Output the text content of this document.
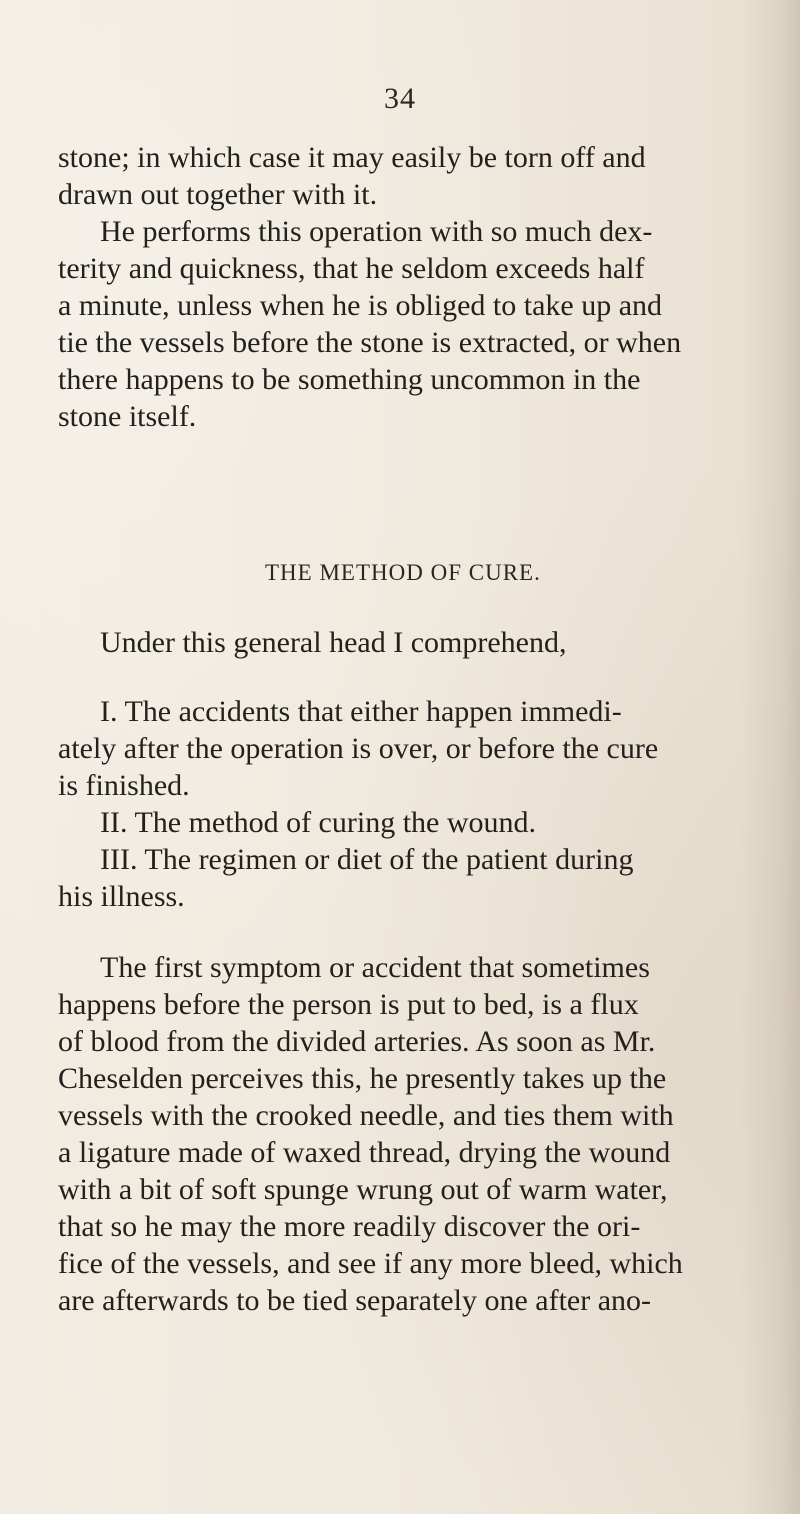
34
stone; in which case it may easily be torn off and
drawn out together with it.
He performs this operation with so much dex-
terity and quickness, that he seldom exceeds half
a minute, unless when he is obliged to take up and
tie the vessels before the stone is extracted, or when
there happens to be something uncommon in the
stone itself.
THE METHOD OF CURE.
Under this general head I comprehend,
I. The accidents that either happen immedi-
ately after the operation is over, or before the cure
is finished.
II. The method of curing the wound.
III. The regimen or diet of the patient during
his illness.
The first symptom or accident that sometimes
happens before the person is put to bed, is a flux
of blood from the divided arteries. As soon as Mr.
Cheselden perceives this, he presently takes up the
vessels with the crooked needle, and ties them with
a ligature made of waxed thread, drying the wound
with a bit of soft spunge wrung out of warm water,
that so he may the more readily discover the ori-
fice of the vessels, and see if any more bleed, which
are afterwards to be tied separately one after ano-
